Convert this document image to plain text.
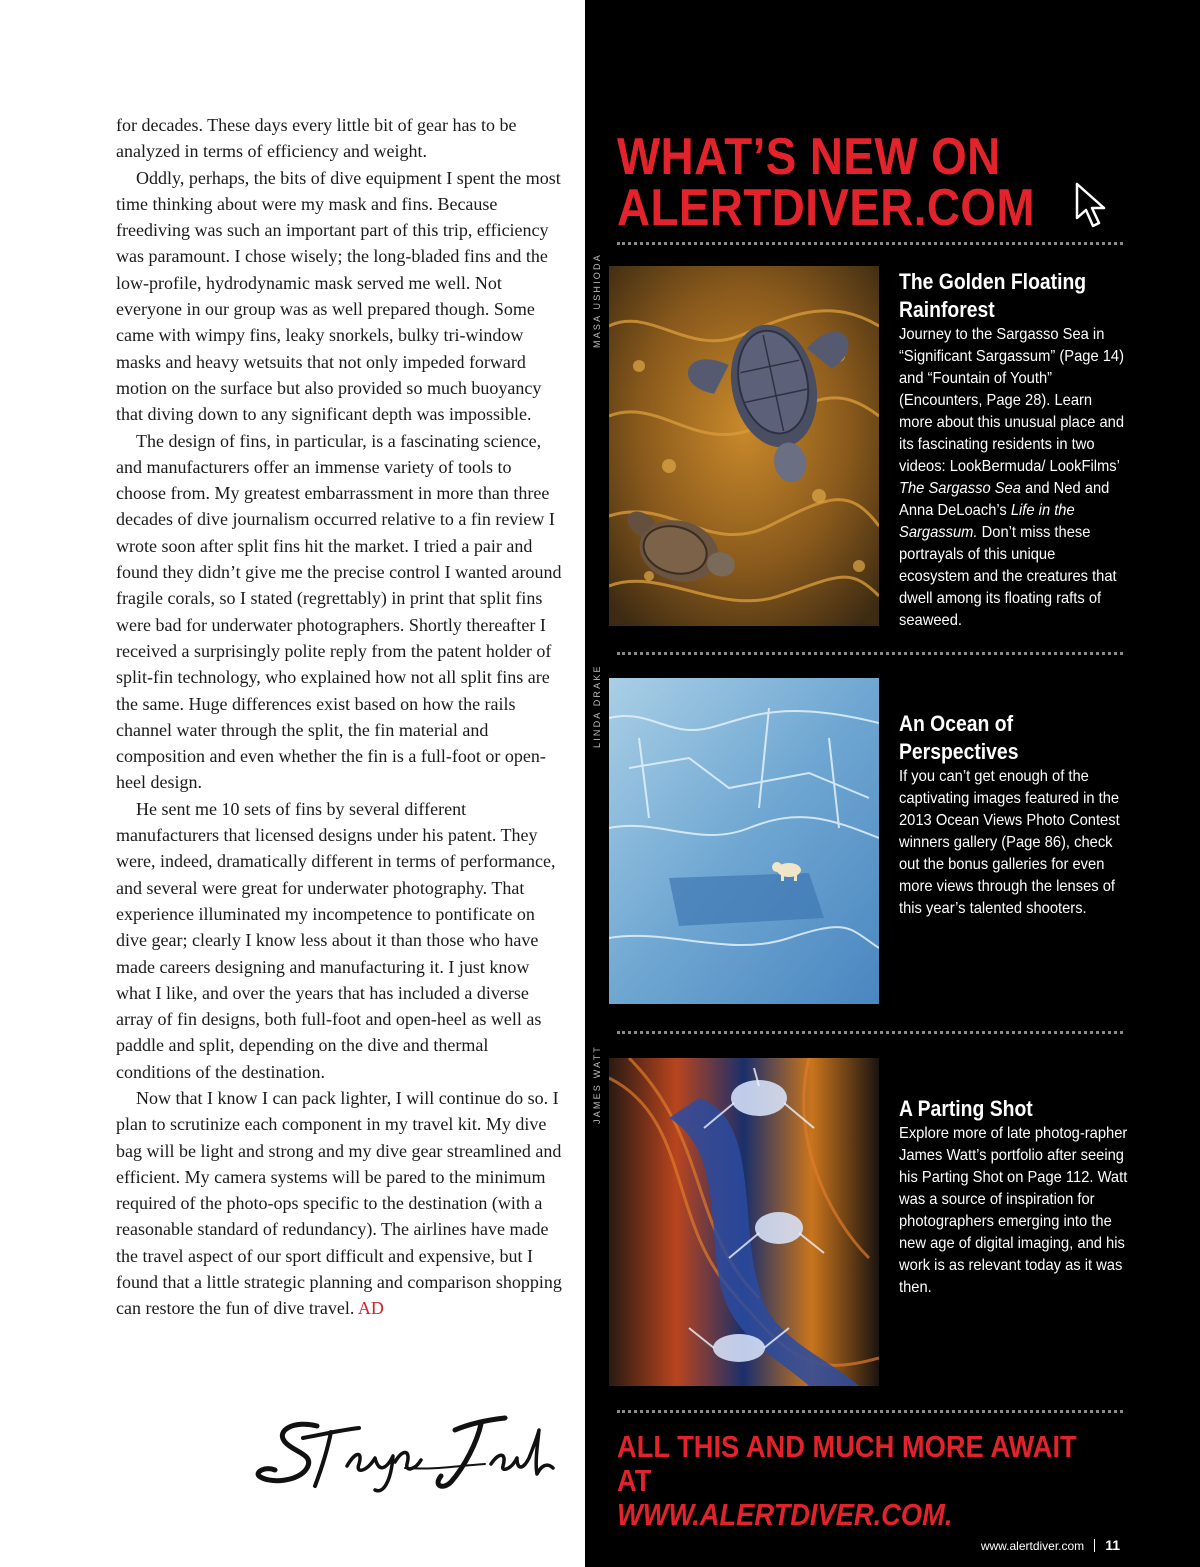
for decades. These days every little bit of gear has to be analyzed in terms of efficiency and weight.

Oddly, perhaps, the bits of dive equipment I spent the most time thinking about were my mask and fins. Because freediving was such an important part of this trip, efficiency was paramount. I chose wisely; the long-bladed fins and the low-profile, hydrodynamic mask served me well. Not everyone in our group was as well prepared though. Some came with wimpy fins, leaky snorkels, bulky tri-window masks and heavy wetsuits that not only impeded forward motion on the surface but also provided so much buoyancy that diving down to any significant depth was impossible.

The design of fins, in particular, is a fascinating science, and manufacturers offer an immense variety of tools to choose from. My greatest embarrassment in more than three decades of dive journalism occurred relative to a fin review I wrote soon after split fins hit the market. I tried a pair and found they didn’t give me the precise control I wanted around fragile corals, so I stated (regrettably) in print that split fins were bad for underwater photographers. Shortly thereafter I received a surprisingly polite reply from the patent holder of split-fin technology, who explained how not all split fins are the same. Huge differences exist based on how the rails channel water through the split, the fin material and composition and even whether the fin is a full-foot or open-heel design.

He sent me 10 sets of fins by several different manufacturers that licensed designs under his patent. They were, indeed, dramatically different in terms of performance, and several were great for underwater photography. That experience illuminated my incompetence to pontificate on dive gear; clearly I know less about it than those who have made careers designing and manufacturing it. I just know what I like, and over the years that has included a diverse array of fin designs, both full-foot and open-heel as well as paddle and split, depending on the dive and thermal conditions of the destination.

Now that I know I can pack lighter, I will continue do so. I plan to scrutinize each component in my travel kit. My dive bag will be light and strong and my dive gear streamlined and efficient. My camera systems will be pared to the minimum required of the photo-ops specific to the destination (with a reasonable standard of redundancy). The airlines have made the travel aspect of our sport difficult and expensive, but I found that a little strategic planning and comparison shopping can restore the fun of dive travel. AD

WHAT’S NEW ON
ALERTDIVER.COM
MASA USHIODA	The Golden Floating Rainforest

Journey to the Sargasso Sea in “Significant Sargassum” (Page 14) and “Fountain of Youth” (Encounters, Page 28). Learn more about this unusual place and its fascinating residents in two videos: LookBermuda/ LookFilms’ The Sargasso Sea and Ned and Anna DeLoach’s Life in the Sargassum. Don’t miss these portrayals of this unique ecosystem and the creatures that dwell among its floating rafts of seaweed.

LINDA DRAKE	An Ocean of Perspectives

If you can’t get enough of the captivating images featured in the 2013 Ocean Views Photo Contest winners gallery (Page 86), check out the bonus galleries for even more views through the lenses of this year’s talented shooters.

JAMES WATT	A Parting Shot

Explore more of late photog-rapher James Watt’s portfolio after seeing his Parting Shot on Page 112. Watt was a source of inspiration for photographers emerging into the new age of digital imaging, and his work is as relevant today as it was then.

ALL THIS AND MUCH MORE AWAIT AT
WWW.ALERTDIVER.COM.
www.alertdiver.com 11
